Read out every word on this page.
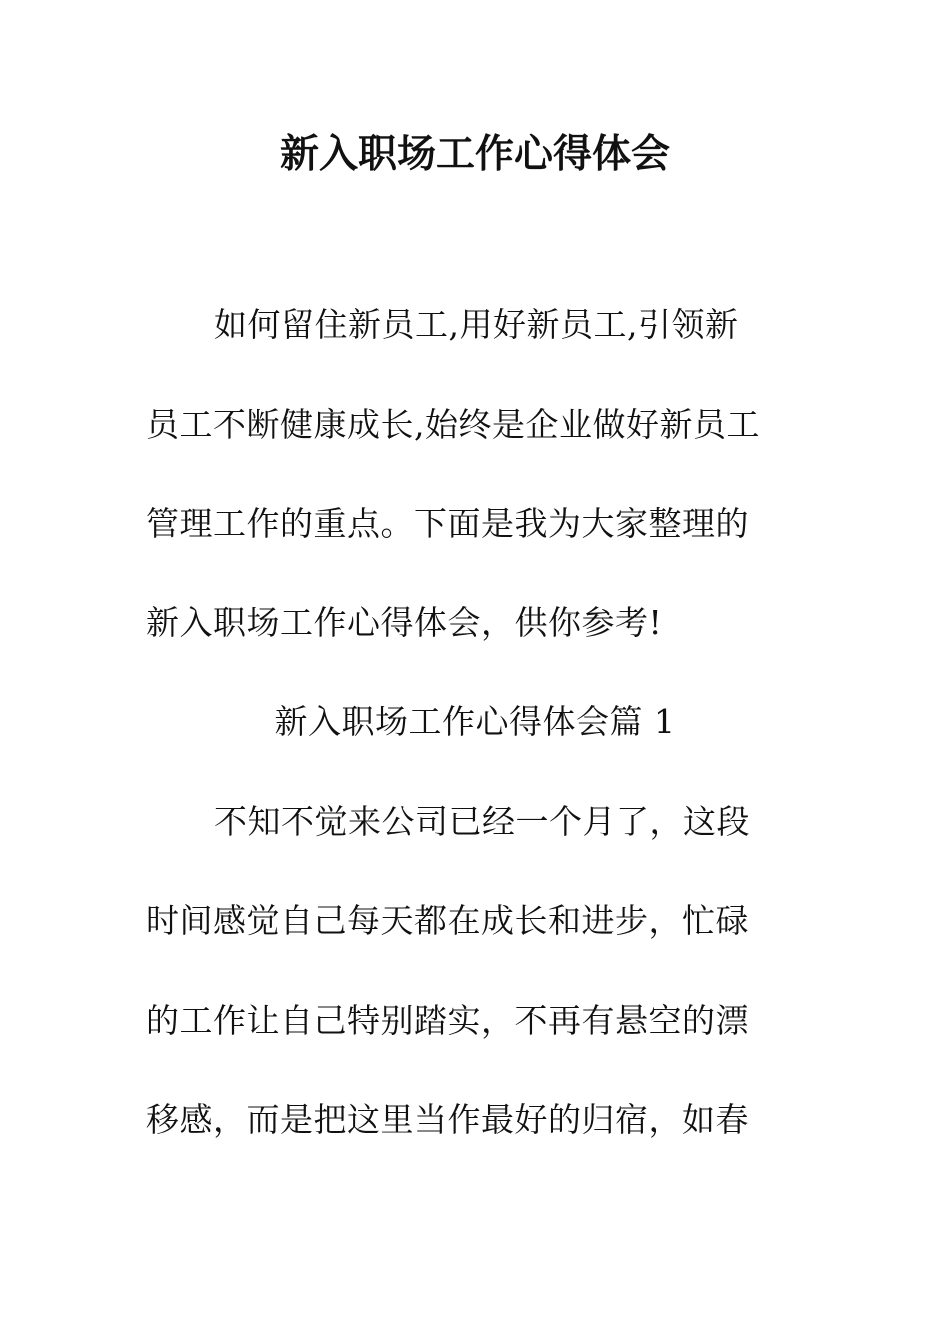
新入职场工作心得体会
如何留住新员工,用好新员工,引领新
员工不断健康成长,始终是企业做好新员工
管理工作的重点。下面是我为大家整理的
新入职场工作心得体会，供你参考!
新入职场工作心得体会篇 1
不知不觉来公司已经一个月了，这段
时间感觉自己每天都在成长和进步，忙碌
的工作让自己特别踏实，不再有悬空的漂
移感，而是把这里当作最好的归宿，如春
